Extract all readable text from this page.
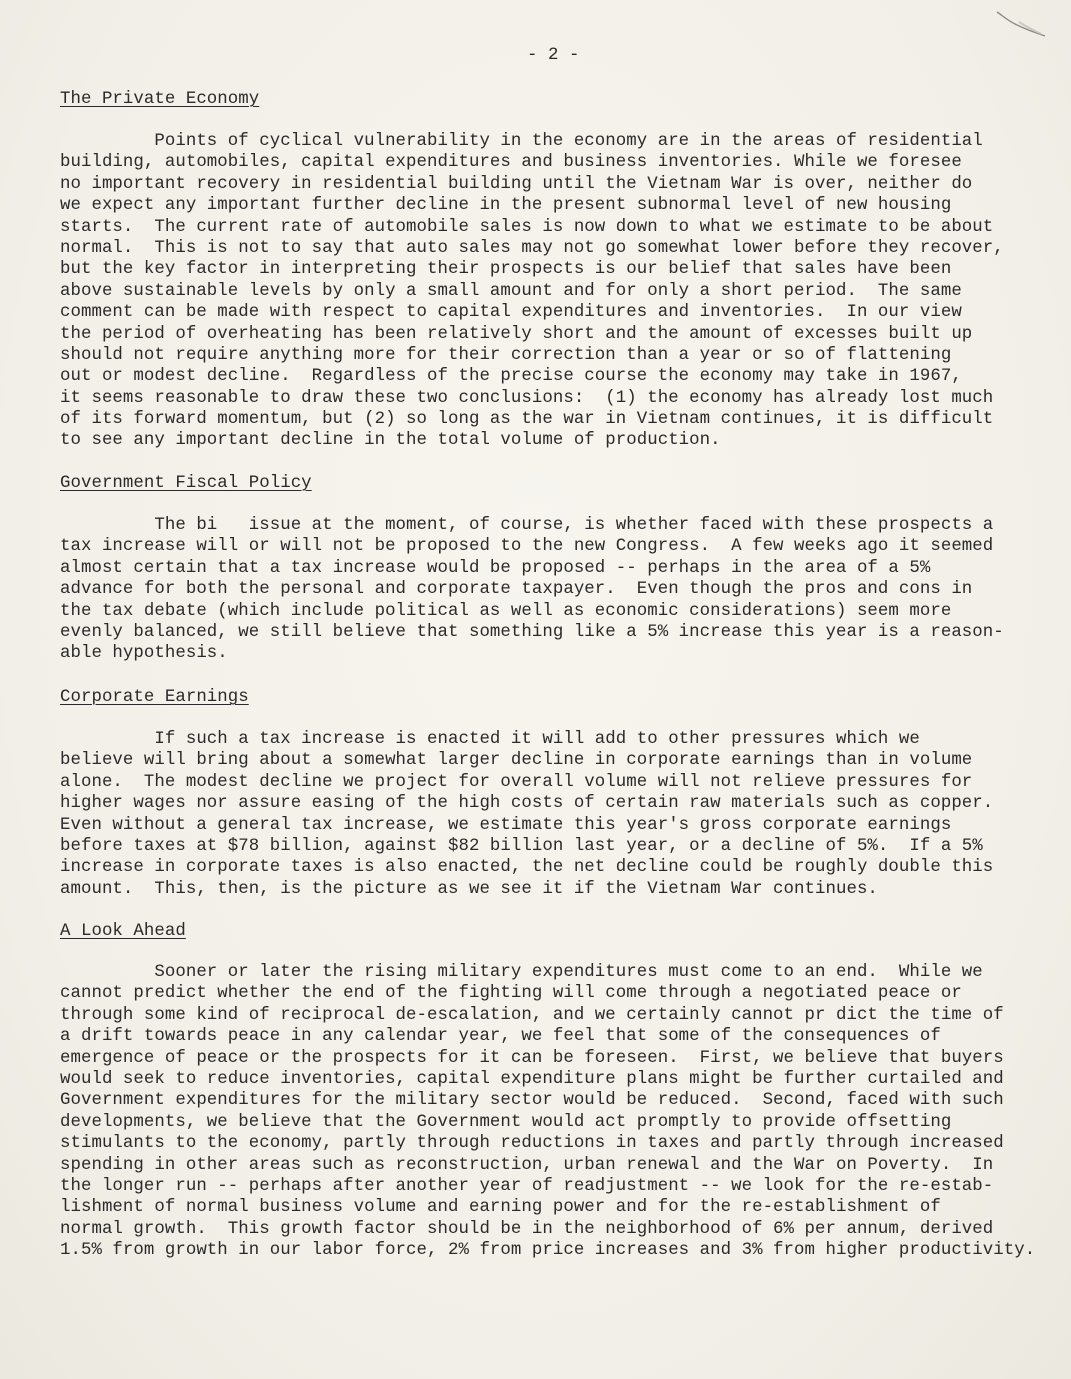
- 2 -
The Private Economy
Points of cyclical vulnerability in the economy are in the areas of residential
building, automobiles, capital expenditures and business inventories. While we foresee
no important recovery in residential building until the Vietnam War is over, neither do
we expect any important further decline in the present subnormal level of new housing
starts.  The current rate of automobile sales is now down to what we estimate to be about
normal.  This is not to say that auto sales may not go somewhat lower before they recover,
but the key factor in interpreting their prospects is our belief that sales have been
above sustainable levels by only a small amount and for only a short period.  The same
comment can be made with respect to capital expenditures and inventories.  In our view
the period of overheating has been relatively short and the amount of excesses built up
should not require anything more for their correction than a year or so of flattening
out or modest decline.  Regardless of the precise course the economy may take in 1967,
it seems reasonable to draw these two conclusions:  (1) the economy has already lost much
of its forward momentum, but (2) so long as the war in Vietnam continues, it is difficult
to see any important decline in the total volume of production.
Government Fiscal Policy
The bi   issue at the moment, of course, is whether faced with these prospects a
tax increase will or will not be proposed to the new Congress.  A few weeks ago it seemed
almost certain that a tax increase would be proposed -- perhaps in the area of a 5%
advance for both the personal and corporate taxpayer.  Even though the pros and cons in
the tax debate (which include political as well as economic considerations) seem more
evenly balanced, we still believe that something like a 5% increase this year is a reason-
able hypothesis.
Corporate Earnings
If such a tax increase is enacted it will add to other pressures which we
believe will bring about a somewhat larger decline in corporate earnings than in volume
alone.  The modest decline we project for overall volume will not relieve pressures for
higher wages nor assure easing of the high costs of certain raw materials such as copper.
Even without a general tax increase, we estimate this year's gross corporate earnings
before taxes at $78 billion, against $82 billion last year, or a decline of 5%.  If a 5%
increase in corporate taxes is also enacted, the net decline could be roughly double this
amount.  This, then, is the picture as we see it if the Vietnam War continues.
A Look Ahead
Sooner or later the rising military expenditures must come to an end.  While we
cannot predict whether the end of the fighting will come through a negotiated peace or
through some kind of reciprocal de-escalation, and we certainly cannot pr dict the time of
a drift towards peace in any calendar year, we feel that some of the consequences of
emergence of peace or the prospects for it can be foreseen.  First, we believe that buyers
would seek to reduce inventories, capital expenditure plans might be further curtailed and
Government expenditures for the military sector would be reduced.  Second, faced with such
developments, we believe that the Government would act promptly to provide offsetting
stimulants to the economy, partly through reductions in taxes and partly through increased
spending in other areas such as reconstruction, urban renewal and the War on Poverty.  In
the longer run -- perhaps after another year of readjustment -- we look for the re-estab-
lishment of normal business volume and earning power and for the re-establishment of
normal growth.  This growth factor should be in the neighborhood of 6% per annum, derived
1.5% from growth in our labor force, 2% from price increases and 3% from higher productivity.
